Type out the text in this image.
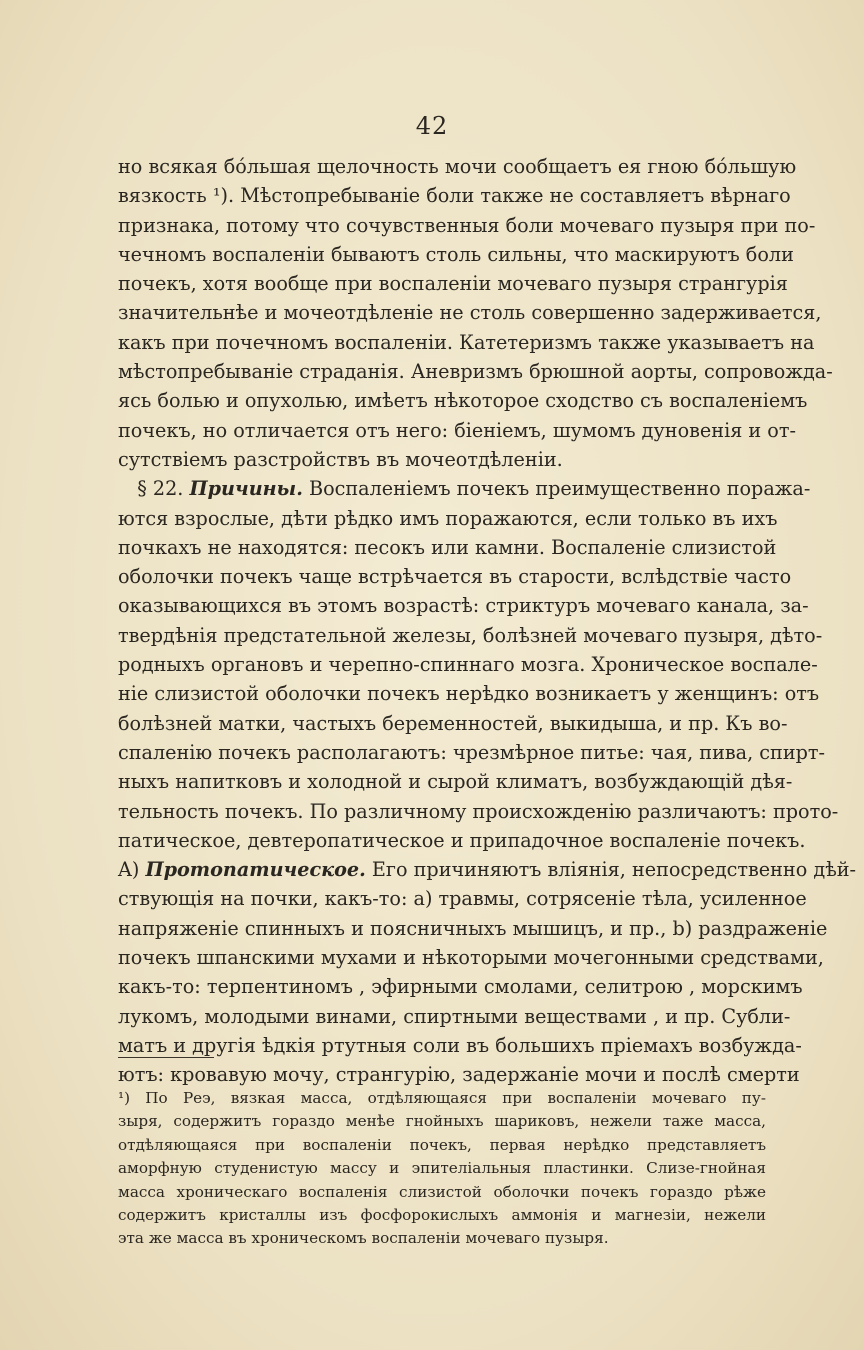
42
но всякая бо́льшая щелочность мочи сообщаетъ ея гною бо́льшую
вязкость ¹). Мѣстопребываніе боли также не составляетъ вѣрнаго
признака, потому что сочувственныя боли мочеваго пузыря при по-
чечномъ воспаленіи бываютъ столь сильны, что маскируютъ боли
почекъ, хотя вообще при воспаленіи мочеваго пузыря странгурія
значительнѣе и мочеотдѣленіе не столь совершенно задерживается,
какъ при почечномъ воспаленіи. Катетеризмъ также указываетъ на
мѣстопребываніе страданія. Аневризмъ брюшной аорты, сопровожда-
ясь болью и опухолью, имѣетъ нѣкоторое сходство съ воспаленіемъ
почекъ, но отличается отъ него: біеніемъ, шумомъ дуновенія и от-
сутствіемъ разстройствъ въ мочеотдѣленіи.
 § 22. Причины. Воспаленіемъ почекъ преимущественно поража-
ются взрослые, дѣти рѣдко имъ поражаются, если только въ ихъ
почкахъ не находятся: песокъ или камни. Воспаленіе слизистой
оболочки почекъ чаще встрѣчается въ старости, вслѣдствіе часто
оказывающихся въ этомъ возрастѣ: стриктуръ мочеваго канала, за-
твердѣнія предстательной железы, болѣзней мочеваго пузыря, дѣто-
родныхъ органовъ и черепно-спиннаго мозга. Хроническое воспале-
ніе слизистой оболочки почекъ нерѣдко возникаетъ у женщинъ: отъ
болѣзней матки, частыхъ беременностей, выкидыша, и пр. Къ во-
спаленію почекъ располагаютъ: чрезмѣрное питье: чая, пива, спирт-
ныхъ напитковъ и холодной и сырой климатъ, возбуждающій дѣя-
тельность почекъ. По различному происхожденію различаютъ: прото-
патическое, девтеропатическое и припадочное воспаленіе почекъ.
A) Протопатическое. Его причиняютъ вліянія, непосредственно дѣй-
ствующія на почки, какъ-то: а) травмы, сотрясеніе тѣла, усиленное
напряженіе спинныхъ и поясничныхъ мышицъ, и пр., b) раздраженіе
почекъ шпанскими мухами и нѣкоторыми мочегонными средствами,
какъ-то: терпентиномъ , эфирными смолами, селитрою , морскимъ
лукомъ, молодыми винами, спиртными веществами , и пр. Субли-
матъ и другія ѣдкія ртутныя соли въ большихъ пріемахъ возбужда-
ютъ: кровавую мочу, странгурію, задержаніе мочи и послѣ смерти
¹) По Реэ, вязкая масса, отдѣляющаяся при воспаленіи мочеваго пу-
зыря, содержитъ гораздо менѣе гнойныхъ шариковъ, нежели таже масса,
отдѣляющаяся при воспаленіи почекъ, первая нерѣдко представляетъ
аморфную студенистую массу и эпителіальныя пластинки. Слизе-гнойная
масса хроническаго воспаленія слизистой оболочки почекъ гораздо рѣже
содержитъ кристаллы изъ фосфорокислыхъ аммонія и магнезіи, нежели
эта же масса въ хроническомъ воспаленіи мочеваго пузыря.
